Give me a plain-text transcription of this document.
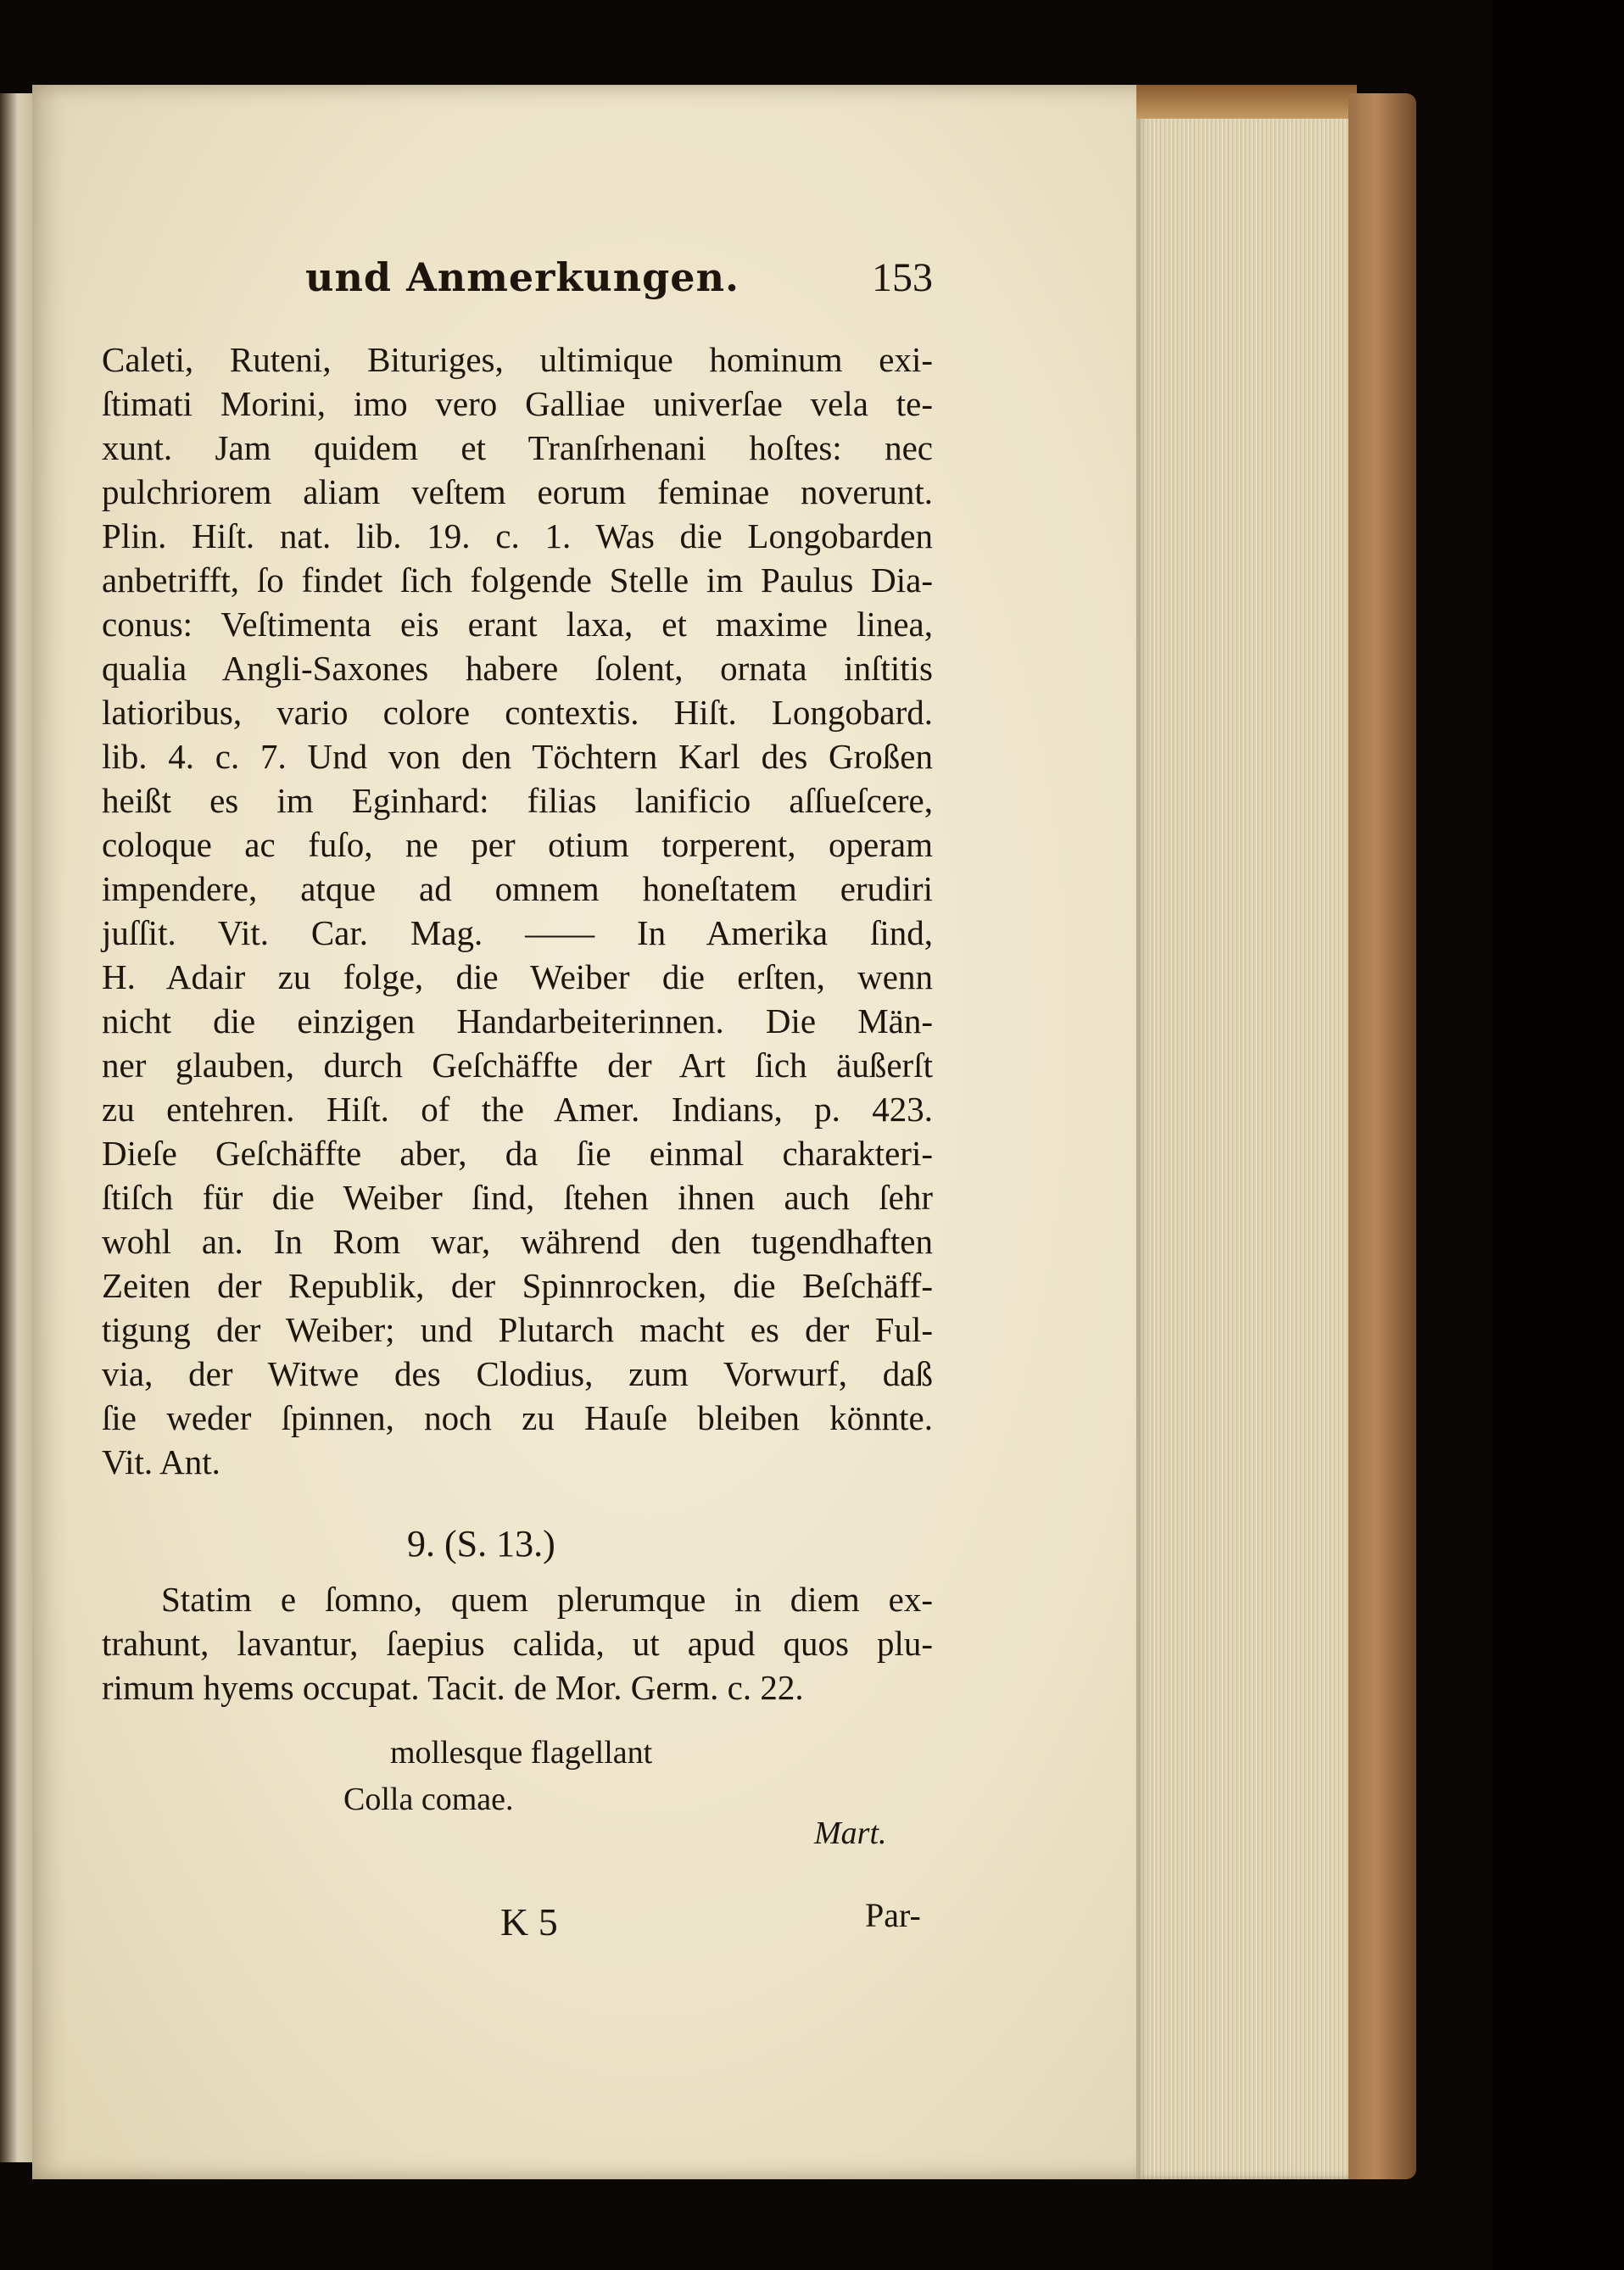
und Anmerkungen.	153
Caleti, Ruteni, Bituriges, ultimique hominum exi-
ſtimati Morini, imo vero Galliae univerſae vela te-
xunt. Jam quidem et Tranſrhenani hoſtes: nec
pulchriorem aliam veſtem eorum feminae noverunt.
Plin. Hiſt. nat. lib. 19. c. 1. Was die Longobarden
anbetrifft, ſo findet ſich folgende Stelle im Paulus Dia-
conus: Veſtimenta eis erant laxa, et maxime linea,
qualia Angli-Saxones habere ſolent, ornata inſtitis
latioribus, vario colore contextis. Hiſt. Longobard.
lib. 4. c. 7. Und von den Töchtern Karl des Großen
heißt es im Eginhard: filias lanificio aſſueſcere,
coloque ac fuſo, ne per otium torperent, operam
impendere, atque ad omnem honeſtatem erudiri
juſſit. Vit. Car. Mag. —— In Amerika ſind,
H. Adair zu folge, die Weiber die erſten, wenn
nicht die einzigen Handarbeiterinnen. Die Män-
ner glauben, durch Geſchäffte der Art ſich äußerſt
zu entehren. Hiſt. of the Amer. Indians, p. 423.
Dieſe Geſchäffte aber, da ſie einmal charakteri-
ſtiſch für die Weiber ſind, ſtehen ihnen auch ſehr
wohl an. In Rom war, während den tugendhaften
Zeiten der Republik, der Spinnrocken, die Beſchäff-
tigung der Weiber; und Plutarch macht es der Ful-
via, der Witwe des Clodius, zum Vorwurf, daß
ſie weder ſpinnen, noch zu Hauſe bleiben könnte.
Vit. Ant.
9. (S. 13.)
Statim e ſomno, quem plerumque in diem ex-
trahunt, lavantur, ſaepius calida, ut apud quos plu-
rimum hyems occupat. Tacit. de Mor. Germ. c. 22.
mollesque flagellant
Colla comae.
Mart.
K 5	Par-
